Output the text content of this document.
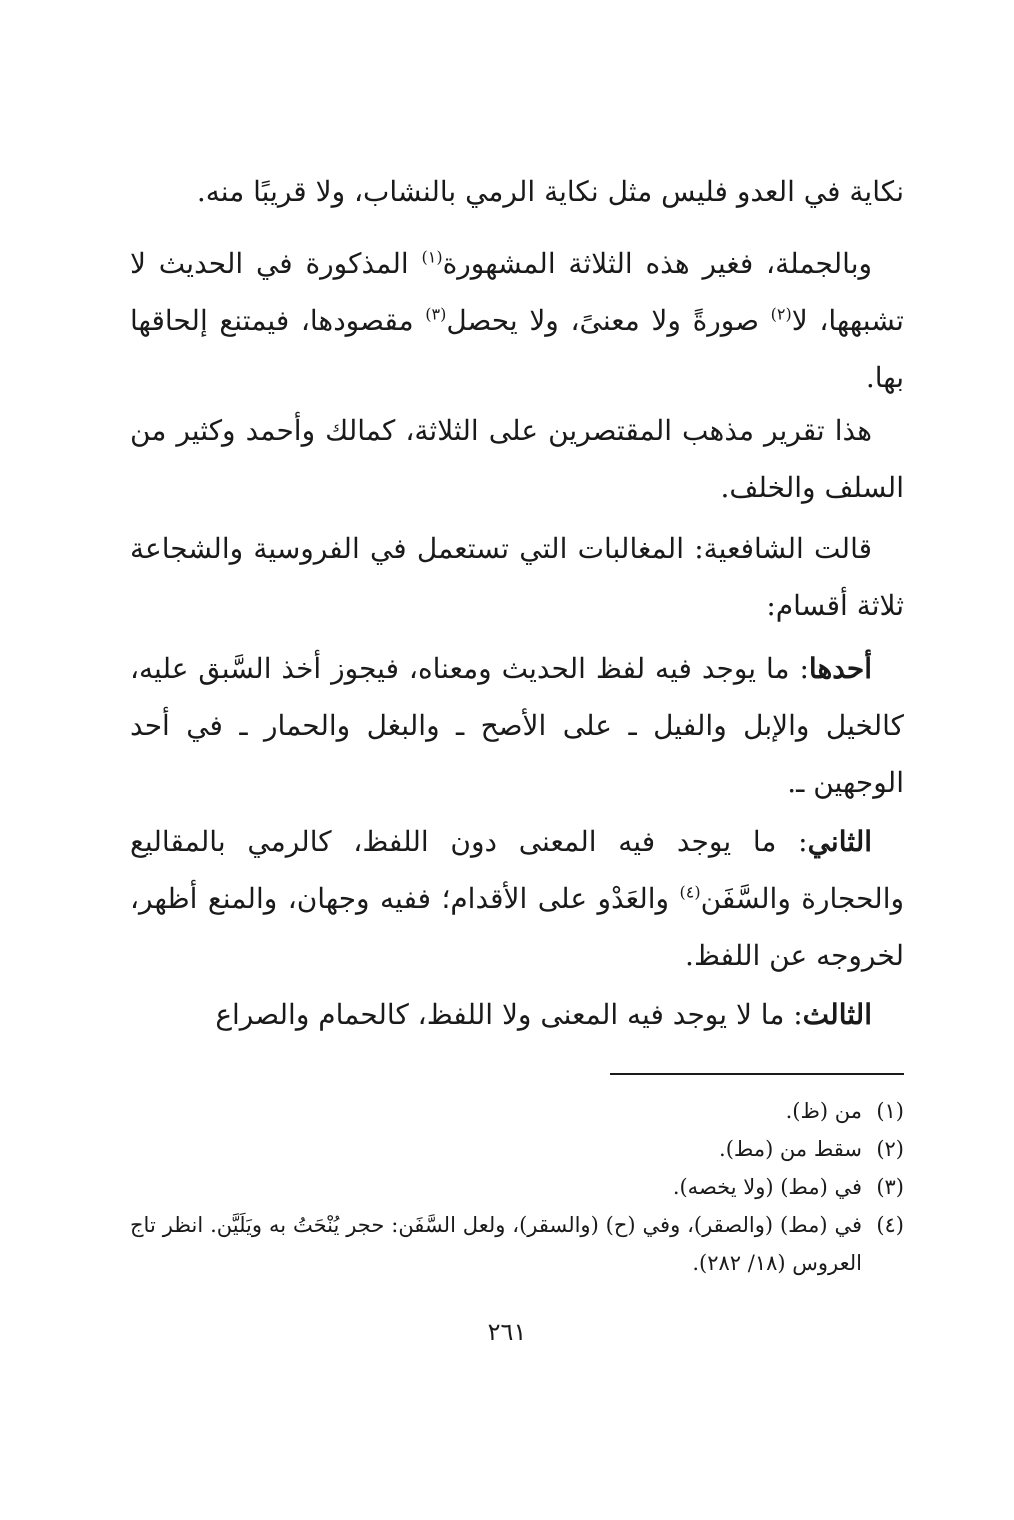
نكاية في العدو فليس مثل نكاية الرمي بالنشاب، ولا قريبًا منه.

وبالجملة، فغير هذه الثلاثة المشهورة$^{(١)}$ المذكورة في الحديث لا تشبهها، لا$^{(٢)}$ صورةً ولا معنىً، ولا يحصل$^{(٣)}$ مقصودها، فيمتنع إلحاقها بها.

هذا تقرير مذهب المقتصرين على الثلاثة، كمالك وأحمد وكثير من السلف والخلف.

قالت الشافعية: المغالبات التي تستعمل في الفروسية والشجاعة ثلاثة أقسام:

أحدها: ما يوجد فيه لفظ الحديث ومعناه، فيجوز أخذ السَّبق عليه، كالخيل والإبل والفيل ـ على الأصح ـ والبغل والحمار ـ في أحد الوجهين ـ.

الثاني: ما يوجد فيه المعنى دون اللفظ، كالرمي بالمقاليع والحجارة والسَّفَن$^{(٤)}$ والعَدْو على الأقدام؛ ففيه وجهان، والمنع أظهر، لخروجه عن اللفظ.

الثالث: ما لا يوجد فيه المعنى ولا اللفظ، كالحمام والصراع

(١)
من (ظ).
(٢)
سقط من (مط).
(٣)
في (مط) (ولا يخصه).
(٤)
في (مط) (والصقر)، وفي (ح) (والسقر)، ولعل السَّفَن: حجر يُنْحَتُ به ويَلَيَّن. انظر تاج العروس (١٨/ ٢٨٢).
٢٦١
